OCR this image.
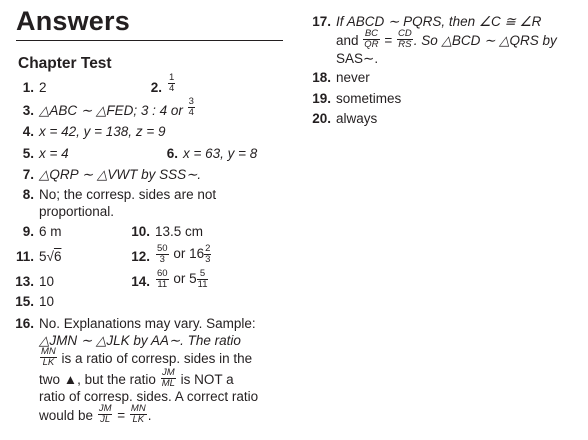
Answers
Chapter Test
1. 2	2. $\frac{1}{4}$
3. △ABC ∼ △FED; 3 : 4 or $\frac{3}{4}$
4. x = 42, y = 138, z = 9
5. x = 4	6. x = 63, y = 8
7. △QRP ∼ △VWT by SSS∼.
8. No; the corresp. sides are not
proportional.
9. 6 m	10. 13.5 cm
11. 5√6	12. $\frac{50}{3}$ or $16 \frac{2}{3}$
13. 10	14. $\frac{60}{11}$ or $5 \frac{5}{11}$
15. 10
16. No. Explanations may vary. Sample:
△JMN ∼ △JLK by AA∼. The ratio
$\frac{MN}{LK}$ is a ratio of corresp. sides in the
two ▲, but the ratio $\frac{JM}{ML}$ is NOT a
ratio of corresp. sides. A correct ratio
would be $\frac{JM}{JL} = \frac{MN}{LK}$ .
17. If ABCD ∼ PQRS, then ∠C ≅ ∠R
and $\frac{BC}{QR} = \frac{CD}{RS}$ . So △BCD ∼ △QRS by
SAS∼.
18. never
19. sometimes
20. always
